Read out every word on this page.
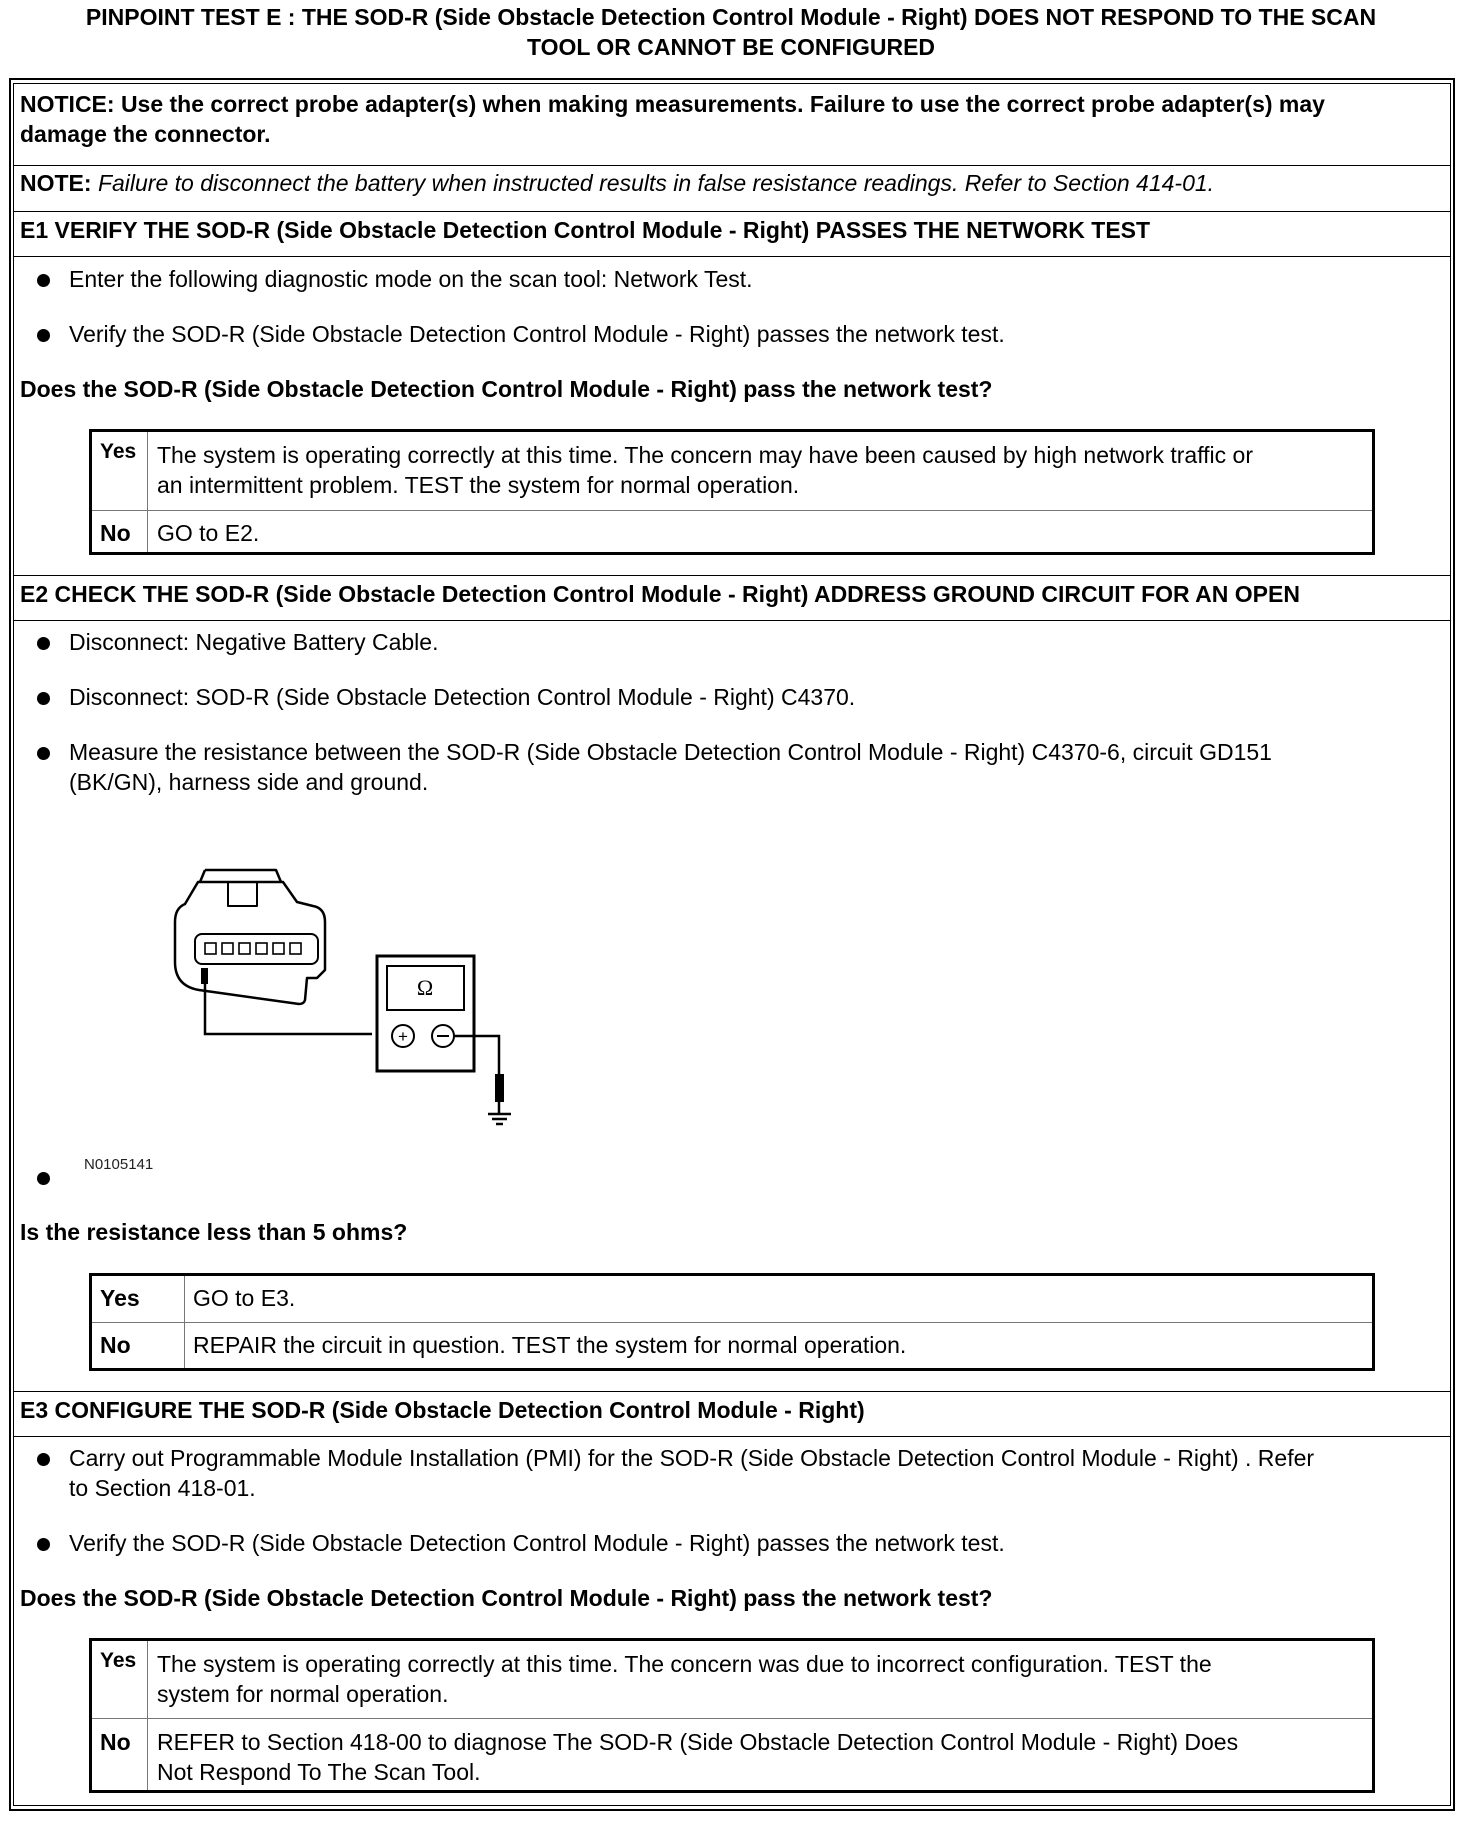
PINPOINT TEST E : THE SOD-R (Side Obstacle Detection Control Module - Right) DOES NOT RESPOND TO THE SCAN
TOOL OR CANNOT BE CONFIGURED
NOTICE: Use the correct probe adapter(s) when making measurements. Failure to use the correct probe adapter(s) may
damage the connector.
NOTE: Failure to disconnect the battery when instructed results in false resistance readings. Refer to Section 414-01.
E1 VERIFY THE SOD-R (Side Obstacle Detection Control Module - Right) PASSES THE NETWORK TEST
Enter the following diagnostic mode on the scan tool: Network Test.
Verify the SOD-R (Side Obstacle Detection Control Module - Right) passes the network test.
Does the SOD-R (Side Obstacle Detection Control Module - Right) pass the network test?
Yes The system is operating correctly at this time. The concern may have been caused by high network traffic or
an intermittent problem. TEST the system for normal operation.
No GO to E2.
E2 CHECK THE SOD-R (Side Obstacle Detection Control Module - Right) ADDRESS GROUND CIRCUIT FOR AN OPEN
Disconnect: Negative Battery Cable.
Disconnect: SOD-R (Side Obstacle Detection Control Module - Right) C4370.
Measure the resistance between the SOD-R (Side Obstacle Detection Control Module - Right) C4370-6, circuit GD151
(BK/GN), harness side and ground.
Ω
+
N0105141
Is the resistance less than 5 ohms?
Yes GO to E3.
No	REPAIR the circuit in question. TEST the system for normal operation.
E3 CONFIGURE THE SOD-R (Side Obstacle Detection Control Module - Right)
Carry out Programmable Module Installation (PMI) for the SOD-R (Side Obstacle Detection Control Module - Right) . Refer
to Section 418-01.
Verify the SOD-R (Side Obstacle Detection Control Module - Right) passes the network test.
Does the SOD-R (Side Obstacle Detection Control Module - Right) pass the network test?
Yes The system is operating correctly at this time. The concern was due to incorrect configuration. TEST the
system for normal operation.
No REFER to Section 418-00 to diagnose The SOD-R (Side Obstacle Detection Control Module - Right) Does
Not Respond To The Scan Tool.
